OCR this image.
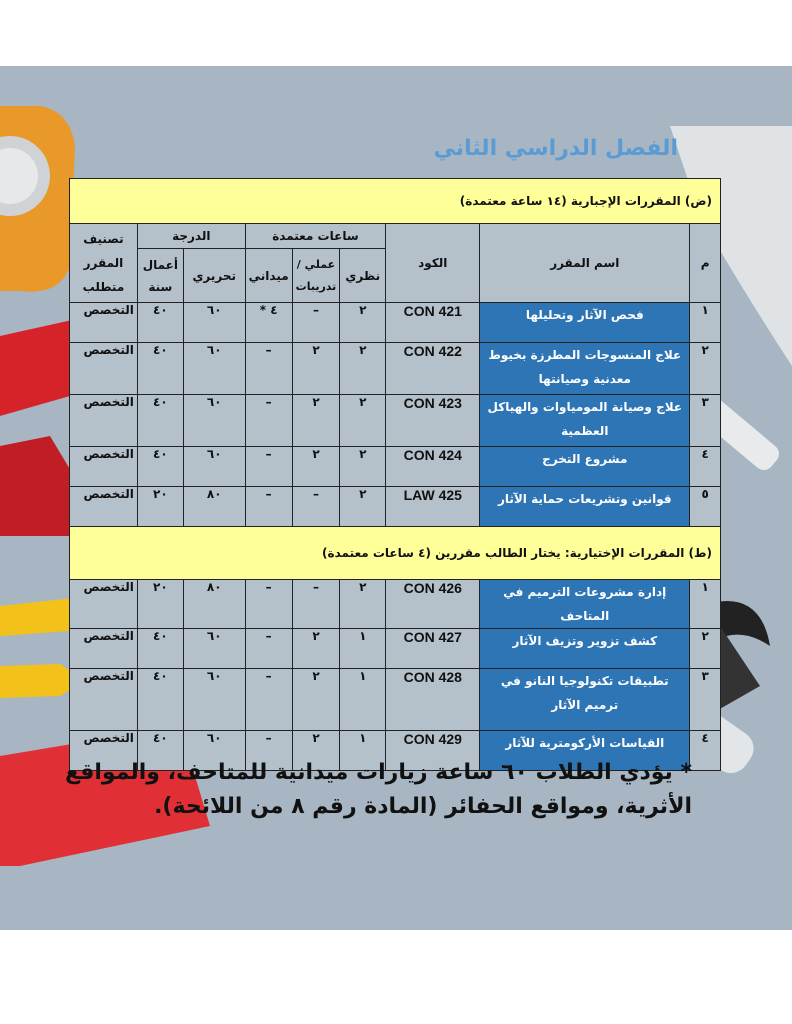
الفصل الدراسي الثاني
(ض) المقررات الإجبارية (١٤ ساعة معتمدة)								
م	اسم المقرر	الكود	ساعات معتمدة			الدرجة		تصنيف المقرر متطلب
			نظري	عملي / تدريبات	ميداني	تحريري	أعمال سنة	
١	فحص الآثار وتحليلها	CON 421	٢	–	٤ *	٦٠	٤٠	التخصص
٢	علاج المنسوجات المطرزة بخيوط معدنية وصيانتها	CON 422	٢	٢	–	٦٠	٤٠	التخصص
٣	علاج وصيانة المومياوات والهياكل العظمية	CON 423	٢	٢	–	٦٠	٤٠	التخصص
٤	مشروع التخرج	CON 424	٢	٢	–	٦٠	٤٠	التخصص
٥	قوانين وتشريعات حماية الآثار	LAW 425	٢	–	–	٨٠	٢٠	التخصص
(ط) المقررات الإختيارية: يختار الطالب مقررين (٤ ساعات معتمدة)								
١	إدارة مشروعات الترميم في المتاحف	CON 426	٢	–	–	٨٠	٢٠	التخصص
٢	كشف تزوير وتزيف الآثار	CON 427	١	٢	–	٦٠	٤٠	التخصص
٣	تطبيقات تكنولوجيا النانو في ترميم الآثار	CON 428	١	٢	–	٦٠	٤٠	التخصص
٤	القياسات الأركومترية للآثار	CON 429	١	٢	–	٦٠	٤٠	التخصص
* يؤدي الطلاب ٦٠ ساعة زيارات ميدانية للمتاحف، والمواقع الأثرية، ومواقع الحفائر (المادة رقم ٨ من اللائحة).
